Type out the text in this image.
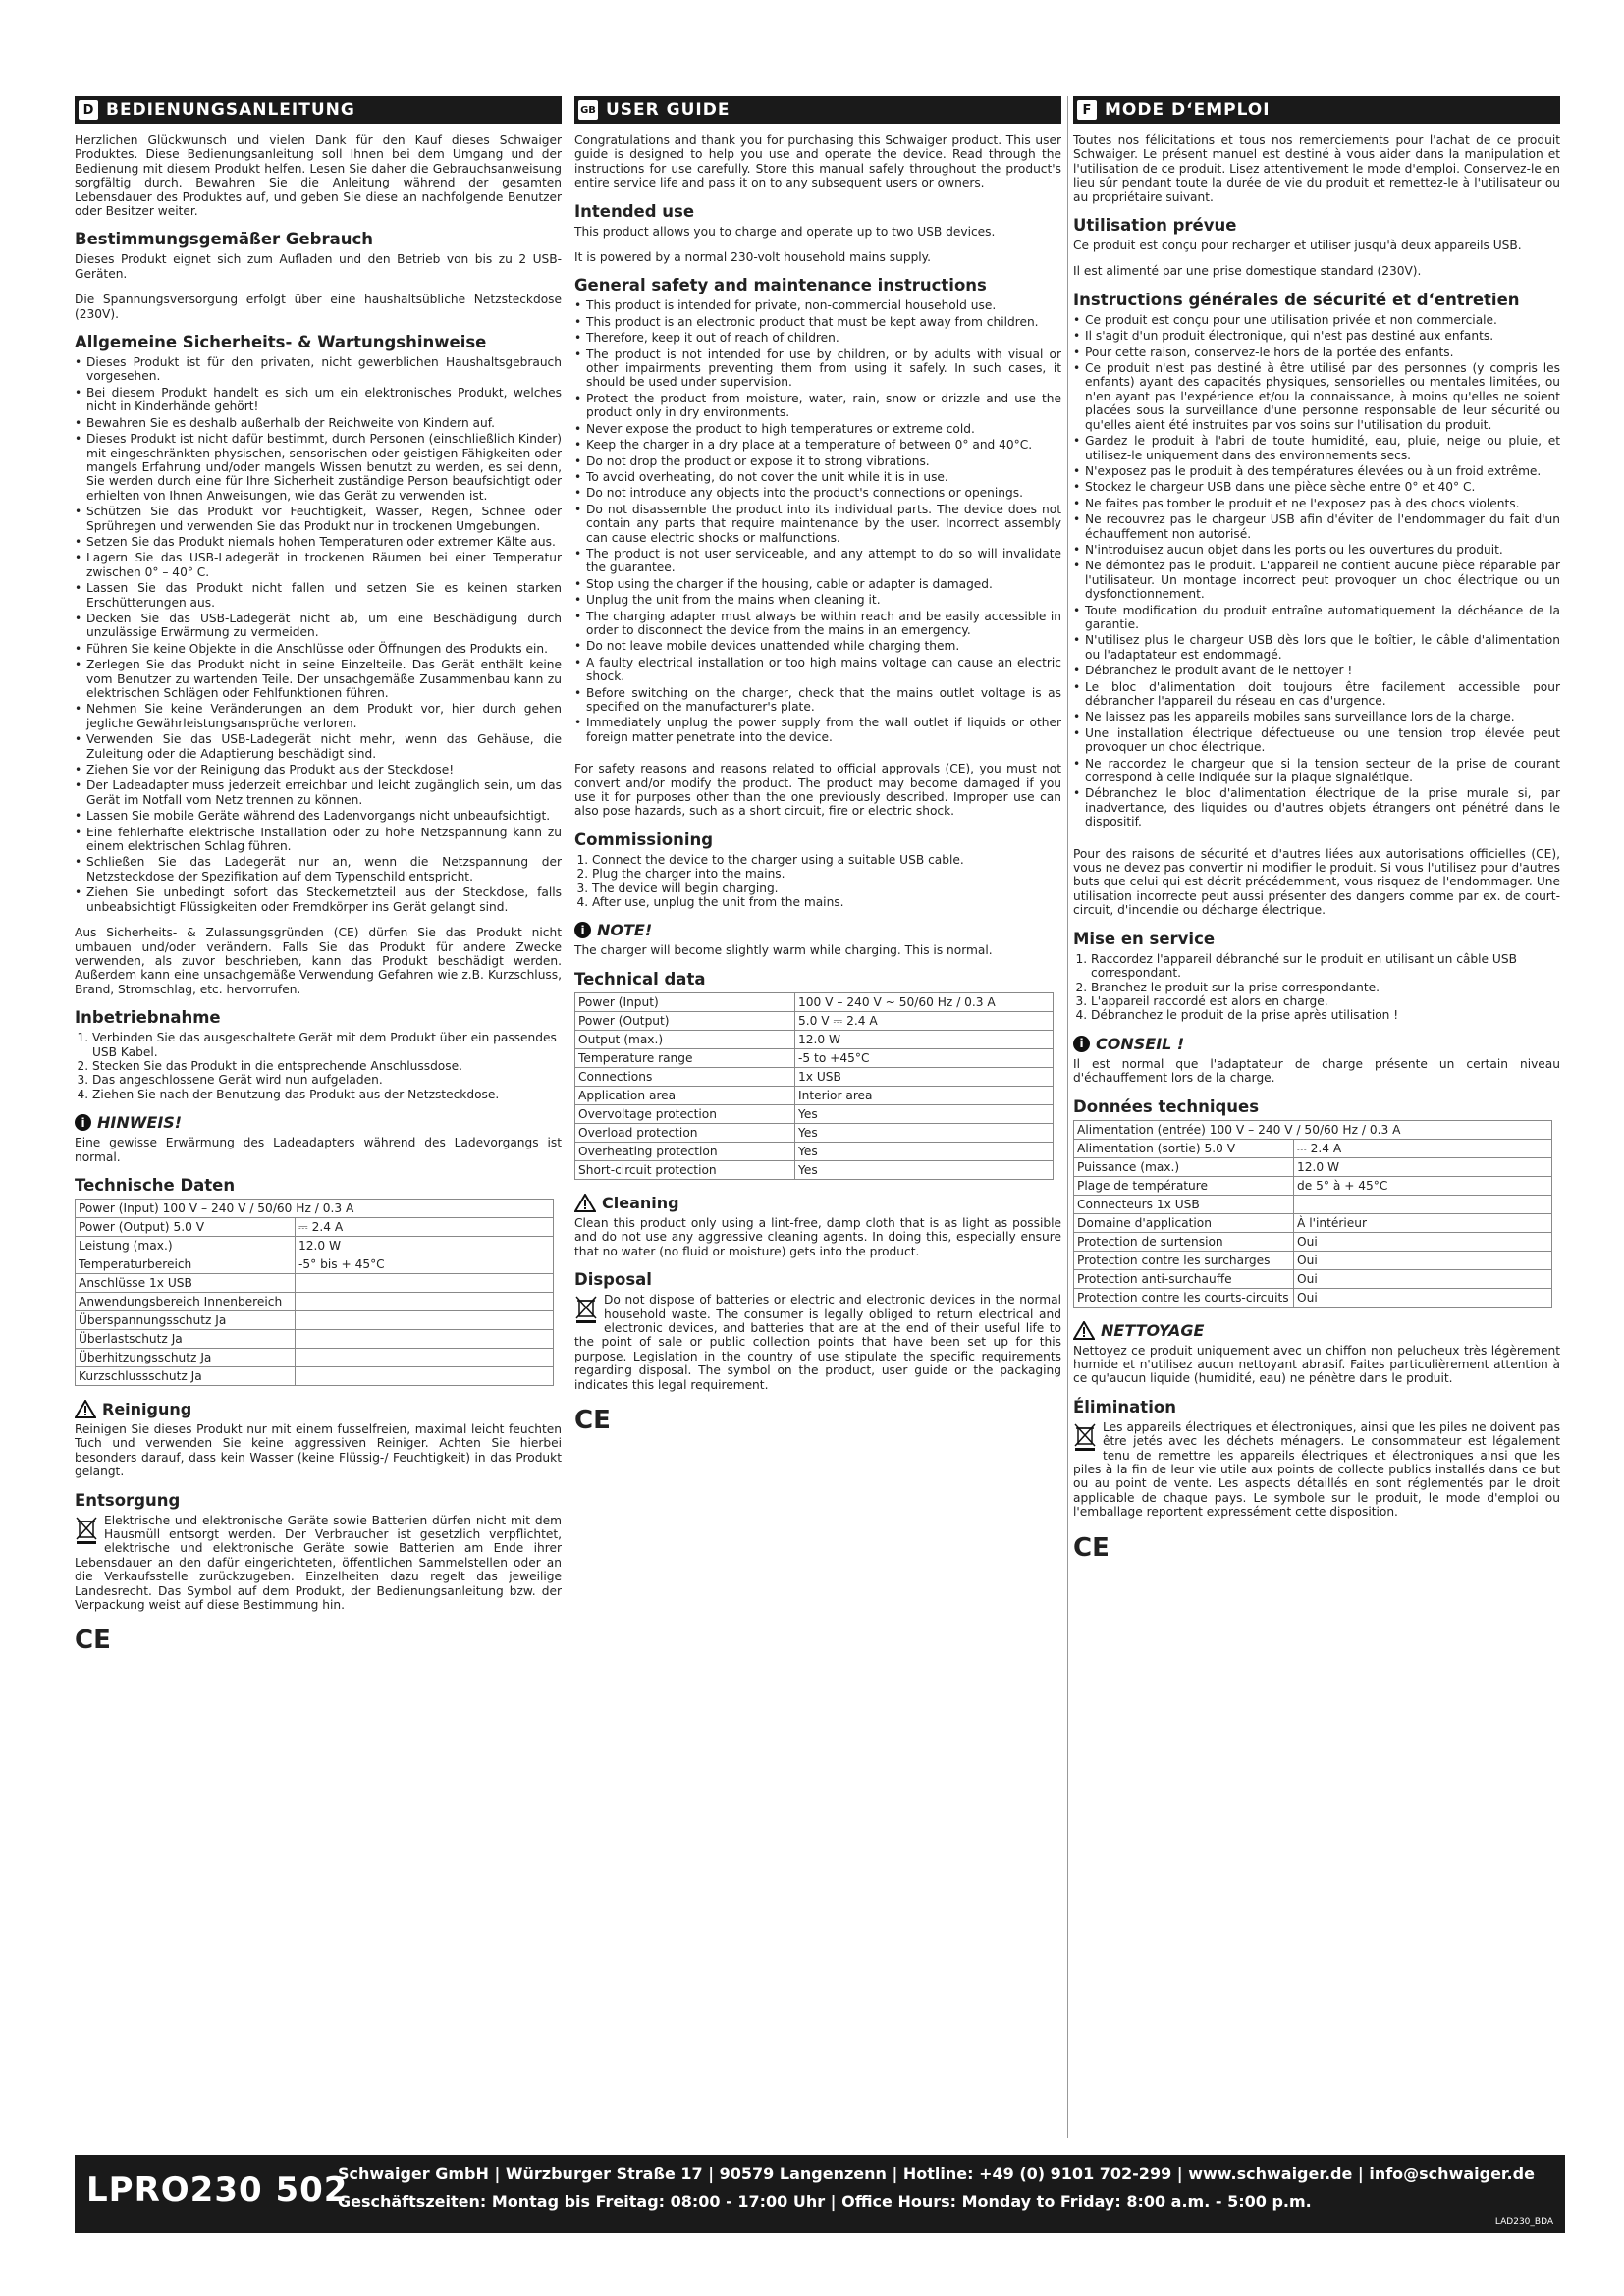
D BEDIENUNGSANLEITUNG

Herzlichen Glückwunsch und vielen Dank für den Kauf dieses Schwaiger Produktes. Diese Bedienungsanleitung soll Ihnen bei dem Umgang und der Bedienung mit diesem Produkt helfen. Lesen Sie daher die Gebrauchsanweisung sorgfältig durch. Bewahren Sie die Anleitung während der gesamten Lebensdauer des Produktes auf, und geben Sie diese an nachfolgende Benutzer oder Besitzer weiter.

Bestimmungsgemäßer Gebrauch

Dieses Produkt eignet sich zum Aufladen und den Betrieb von bis zu 2 USB-Geräten.

Die Spannungsversorgung erfolgt über eine haushaltsübliche Netzsteckdose (230V).

Allgemeine Sicherheits- & Wartungshinweise
• Dieses Produkt ist für den privaten, nicht gewerblichen Haushaltsgebrauch vorgesehen.
• Bei diesem Produkt handelt es sich um ein elektronisches Produkt, welches nicht in Kinderhände gehört!
• Bewahren Sie es deshalb außerhalb der Reichweite von Kindern auf.
• Dieses Produkt ist nicht dafür bestimmt, durch Personen (einschließlich Kinder) mit eingeschränkten physischen, sensorischen oder geistigen Fähigkeiten oder mangels Erfahrung und/oder mangels Wissen benutzt zu werden, es sei denn, Sie werden durch eine für Ihre Sicherheit zuständige Person beaufsichtigt oder erhielten von Ihnen Anweisungen, wie das Gerät zu verwenden ist.
• Schützen Sie das Produkt vor Feuchtigkeit, Wasser, Regen, Schnee oder Sprühregen und verwenden Sie das Produkt nur in trockenen Umgebungen.
• Setzen Sie das Produkt niemals hohen Temperaturen oder extremer Kälte aus.
• Lagern Sie das USB-Ladegerät in trockenen Räumen bei einer Temperatur zwischen 0° – 40° C.
• Lassen Sie das Produkt nicht fallen und setzen Sie es keinen starken Erschütterungen aus.
• Decken Sie das USB-Ladegerät nicht ab, um eine Beschädigung durch unzulässige Erwärmung zu vermeiden.
• Führen Sie keine Objekte in die Anschlüsse oder Öffnungen des Produkts ein.
• Zerlegen Sie das Produkt nicht in seine Einzelteile. Das Gerät enthält keine vom Benutzer zu wartenden Teile. Der unsachgemäße Zusammenbau kann zu elektrischen Schlägen oder Fehlfunktionen führen.
• Nehmen Sie keine Veränderungen an dem Produkt vor, hier durch gehen jegliche Gewährleistungsansprüche verloren.
• Verwenden Sie das USB-Ladegerät nicht mehr, wenn das Gehäuse, die Zuleitung oder die Adaptierung beschädigt sind.
• Ziehen Sie vor der Reinigung das Produkt aus der Steckdose!
• Der Ladeadapter muss jederzeit erreichbar und leicht zugänglich sein, um das Gerät im Notfall vom Netz trennen zu können.
• Lassen Sie mobile Geräte während des Ladenvorgangs nicht unbeaufsichtigt.
• Eine fehlerhafte elektrische Installation oder zu hohe Netzspannung kann zu einem elektrischen Schlag führen.
• Schließen Sie das Ladegerät nur an, wenn die Netzspannung der Netzsteckdose der Spezifikation auf dem Typenschild entspricht.
• Ziehen Sie unbedingt sofort das Steckernetzteil aus der Steckdose, falls unbeabsichtigt Flüssigkeiten oder Fremdkörper ins Gerät gelangt sind.

Aus Sicherheits- & Zulassungsgründen (CE) dürfen Sie das Produkt nicht umbauen und/oder verändern. Falls Sie das Produkt für andere Zwecke verwenden, als zuvor beschrieben, kann das Produkt beschädigt werden. Außerdem kann eine unsachgemäße Verwendung Gefahren wie z.B. Kurzschluss, Brand, Stromschlag, etc. hervorrufen.

Inbetriebnahme
1. Verbinden Sie das ausgeschaltete Gerät mit dem Produkt über ein passendes USB Kabel.
2. Stecken Sie das Produkt in die entsprechende Anschlussdose.
3. Das angeschlossene Gerät wird nun aufgeladen.
4. Ziehen Sie nach der Benutzung das Produkt aus der Netzsteckdose.
i HINWEIS!

Eine gewisse Erwärmung des Ladeadapters während des Ladevorgangs ist normal.

Technische Daten
Power (Input) 100 V – 240 V / 50/60 Hz / 0.3 A	
Power (Output) 5.0 V	⎓ 2.4 A
Leistung (max.)	12.0 W
Temperaturbereich	-5° bis + 45°C
Anschlüsse 1x USB	
Anwendungsbereich Innenbereich	
Überspannungsschutz Ja	
Überlastschutz Ja	
Überhitzungsschutz Ja	
Kurzschlussschutz Ja	
Reinigung

Reinigen Sie dieses Produkt nur mit einem fusselfreien, maximal leicht feuchten Tuch und verwenden Sie keine aggressiven Reiniger. Achten Sie hierbei besonders darauf, dass kein Wasser (keine Flüssig-/ Feuchtigkeit) in das Produkt gelangt.

Entsorgung

Elektrische und elektronische Geräte sowie Batterien dürfen nicht mit dem Hausmüll entsorgt werden. Der Verbraucher ist gesetzlich verpflichtet, elektrische und elektronische Geräte sowie Batterien am Ende ihrer Lebensdauer an den dafür eingerichteten, öffentlichen Sammelstellen oder an die Verkaufsstelle zurückzugeben. Einzelheiten dazu regelt das jeweilige Landesrecht. Das Symbol auf dem Produkt, der Bedienungsanleitung bzw. der Verpackung weist auf diese Bestimmung hin.

CE
GB USER GUIDE

Congratulations and thank you for purchasing this Schwaiger product. This user guide is designed to help you use and operate the device. Read through the instructions for use carefully. Store this manual safely throughout the product's entire service life and pass it on to any subsequent users or owners.

Intended use

This product allows you to charge and operate up to two USB devices.

It is powered by a normal 230-volt household mains supply.

General safety and maintenance instructions
• This product is intended for private, non-commercial household use.
• This product is an electronic product that must be kept away from children.
• Therefore, keep it out of reach of children.
• The product is not intended for use by children, or by adults with visual or other impairments preventing them from using it safely. In such cases, it should be used under supervision.
• Protect the product from moisture, water, rain, snow or drizzle and use the product only in dry environments.
• Never expose the product to high temperatures or extreme cold.
• Keep the charger in a dry place at a temperature of between 0° and 40°C.
• Do not drop the product or expose it to strong vibrations.
• To avoid overheating, do not cover the unit while it is in use.
• Do not introduce any objects into the product's connections or openings.
• Do not disassemble the product into its individual parts. The device does not contain any parts that require maintenance by the user. Incorrect assembly can cause electric shocks or malfunctions.
• The product is not user serviceable, and any attempt to do so will invalidate the guarantee.
• Stop using the charger if the housing, cable or adapter is damaged.
• Unplug the unit from the mains when cleaning it.
• The charging adapter must always be within reach and be easily accessible in order to disconnect the device from the mains in an emergency.
• Do not leave mobile devices unattended while charging them.
• A faulty electrical installation or too high mains voltage can cause an electric shock.
• Before switching on the charger, check that the mains outlet voltage is as specified on the manufacturer's plate.
• Immediately unplug the power supply from the wall outlet if liquids or other foreign matter penetrate into the device.

For safety reasons and reasons related to official approvals (CE), you must not convert and/or modify the product. The product may become damaged if you use it for purposes other than the one previously described. Improper use can also pose hazards, such as a short circuit, fire or electric shock.

Commissioning
1. Connect the device to the charger using a suitable USB cable.
2. Plug the charger into the mains.
3. The device will begin charging.
4. After use, unplug the unit from the mains.
i NOTE!

The charger will become slightly warm while charging. This is normal.

Technical data
Power (Input)	100 V – 240 V ~ 50/60 Hz / 0.3 A
Power (Output)	5.0 V ⎓ 2.4 A
Output (max.)	12.0 W
Temperature range	-5 to +45°C
Connections	1x USB
Application area	Interior area
Overvoltage protection	Yes
Overload protection	Yes
Overheating protection	Yes
Short-circuit protection	Yes
Cleaning

Clean this product only using a lint-free, damp cloth that is as light as possible and do not use any aggressive cleaning agents. In doing this, especially ensure that no water (no fluid or moisture) gets into the product.

Disposal

Do not dispose of batteries or electric and electronic devices in the normal household waste. The consumer is legally obliged to return electrical and electronic devices, and batteries that are at the end of their useful life to the point of sale or public collection points that have been set up for this purpose. Legislation in the country of use stipulate the specific requirements regarding disposal. The symbol on the product, user guide or the packaging indicates this legal requirement.

CE
F MODE D‘EMPLOI

Toutes nos félicitations et tous nos remerciements pour l'achat de ce produit Schwaiger. Le présent manuel est destiné à vous aider dans la manipulation et l'utilisation de ce produit. Lisez attentivement le mode d'emploi. Conservez-le en lieu sûr pendant toute la durée de vie du produit et remettez-le à l'utilisateur ou au propriétaire suivant.

Utilisation prévue

Ce produit est conçu pour recharger et utiliser jusqu'à deux appareils USB.

Il est alimenté par une prise domestique standard (230V).

Instructions générales de sécurité et d‘entretien
• Ce produit est conçu pour une utilisation privée et non commerciale.
• Il s'agit d'un produit électronique, qui n'est pas destiné aux enfants.
• Pour cette raison, conservez-le hors de la portée des enfants.
• Ce produit n'est pas destiné à être utilisé par des personnes (y compris les enfants) ayant des capacités physiques, sensorielles ou mentales limitées, ou n'en ayant pas l'expérience et/ou la connaissance, à moins qu'elles ne soient placées sous la surveillance d'une personne responsable de leur sécurité ou qu'elles aient été instruites par vos soins sur l'utilisation du produit.
• Gardez le produit à l'abri de toute humidité, eau, pluie, neige ou pluie, et utilisez-le uniquement dans des environnements secs.
• N'exposez pas le produit à des températures élevées ou à un froid extrême.
• Stockez le chargeur USB dans une pièce sèche entre 0° et 40° C.
• Ne faites pas tomber le produit et ne l'exposez pas à des chocs violents.
• Ne recouvrez pas le chargeur USB afin d'éviter de l'endommager du fait d'un échauffement non autorisé.
• N'introduisez aucun objet dans les ports ou les ouvertures du produit.
• Ne démontez pas le produit. L'appareil ne contient aucune pièce réparable par l'utilisateur. Un montage incorrect peut provoquer un choc électrique ou un dysfonctionnement.
• Toute modification du produit entraîne automatiquement la déchéance de la garantie.
• N'utilisez plus le chargeur USB dès lors que le boîtier, le câble d'alimentation ou l'adaptateur est endommagé.
• Débranchez le produit avant de le nettoyer !
• Le bloc d'alimentation doit toujours être facilement accessible pour débrancher l'appareil du réseau en cas d'urgence.
• Ne laissez pas les appareils mobiles sans surveillance lors de la charge.
• Une installation électrique défectueuse ou une tension trop élevée peut provoquer un choc électrique.
• Ne raccordez le chargeur que si la tension secteur de la prise de courant correspond à celle indiquée sur la plaque signalétique.
• Débranchez le bloc d'alimentation électrique de la prise murale si, par inadvertance, des liquides ou d'autres objets étrangers ont pénétré dans le dispositif.

Pour des raisons de sécurité et d'autres liées aux autorisations officielles (CE), vous ne devez pas convertir ni modifier le produit. Si vous l'utilisez pour d'autres buts que celui qui est décrit précédemment, vous risquez de l'endommager. Une utilisation incorrecte peut aussi présenter des dangers comme par ex. de court-circuit, d'incendie ou décharge électrique.

Mise en service
1. Raccordez l'appareil débranché sur le produit en utilisant un câble USB correspondant.
2. Branchez le produit sur la prise correspondante.
3. L'appareil raccordé est alors en charge.
4. Débranchez le produit de la prise après utilisation !
i CONSEIL !

Il est normal que l'adaptateur de charge présente un certain niveau d'échauffement lors de la charge.

Données techniques
Alimentation (entrée) 100 V – 240 V / 50/60 Hz / 0.3 A	
Alimentation (sortie) 5.0 V	⎓ 2.4 A
Puissance (max.)	12.0 W
Plage de température	de 5° à + 45°C
Connecteurs 1x USB	
Domaine d'application	À l'intérieur
Protection de surtension	Oui
Protection contre les surcharges	Oui
Protection anti-surchauffe	Oui
Protection contre les courts-circuits	Oui
NETTOYAGE

Nettoyez ce produit uniquement avec un chiffon non pelucheux très légèrement humide et n'utilisez aucun nettoyant abrasif. Faites particulièrement attention à ce qu'aucun liquide (humidité, eau) ne pénètre dans le produit.

Élimination

Les appareils électriques et électroniques, ainsi que les piles ne doivent pas être jetés avec les déchets ménagers. Le consommateur est légalement tenu de remettre les appareils électriques et électroniques ainsi que les piles à la fin de leur vie utile aux points de collecte publics installés dans ce but ou au point de vente. Les aspects détaillés en sont réglementés par le droit applicable de chaque pays. Le symbole sur le produit, le mode d'emploi ou l'emballage reportent expressément cette disposition.

CE
LPRO230 502
Schwaiger GmbH | Würzburger Straße 17 | 90579 Langenzenn | Hotline: +49 (0) 9101 702-299 | www.schwaiger.de | info@schwaiger.de
Geschäftszeiten: Montag bis Freitag: 08:00 - 17:00 Uhr | Office Hours: Monday to Friday: 8:00 a.m. - 5:00 p.m.
LAD230_BDA
